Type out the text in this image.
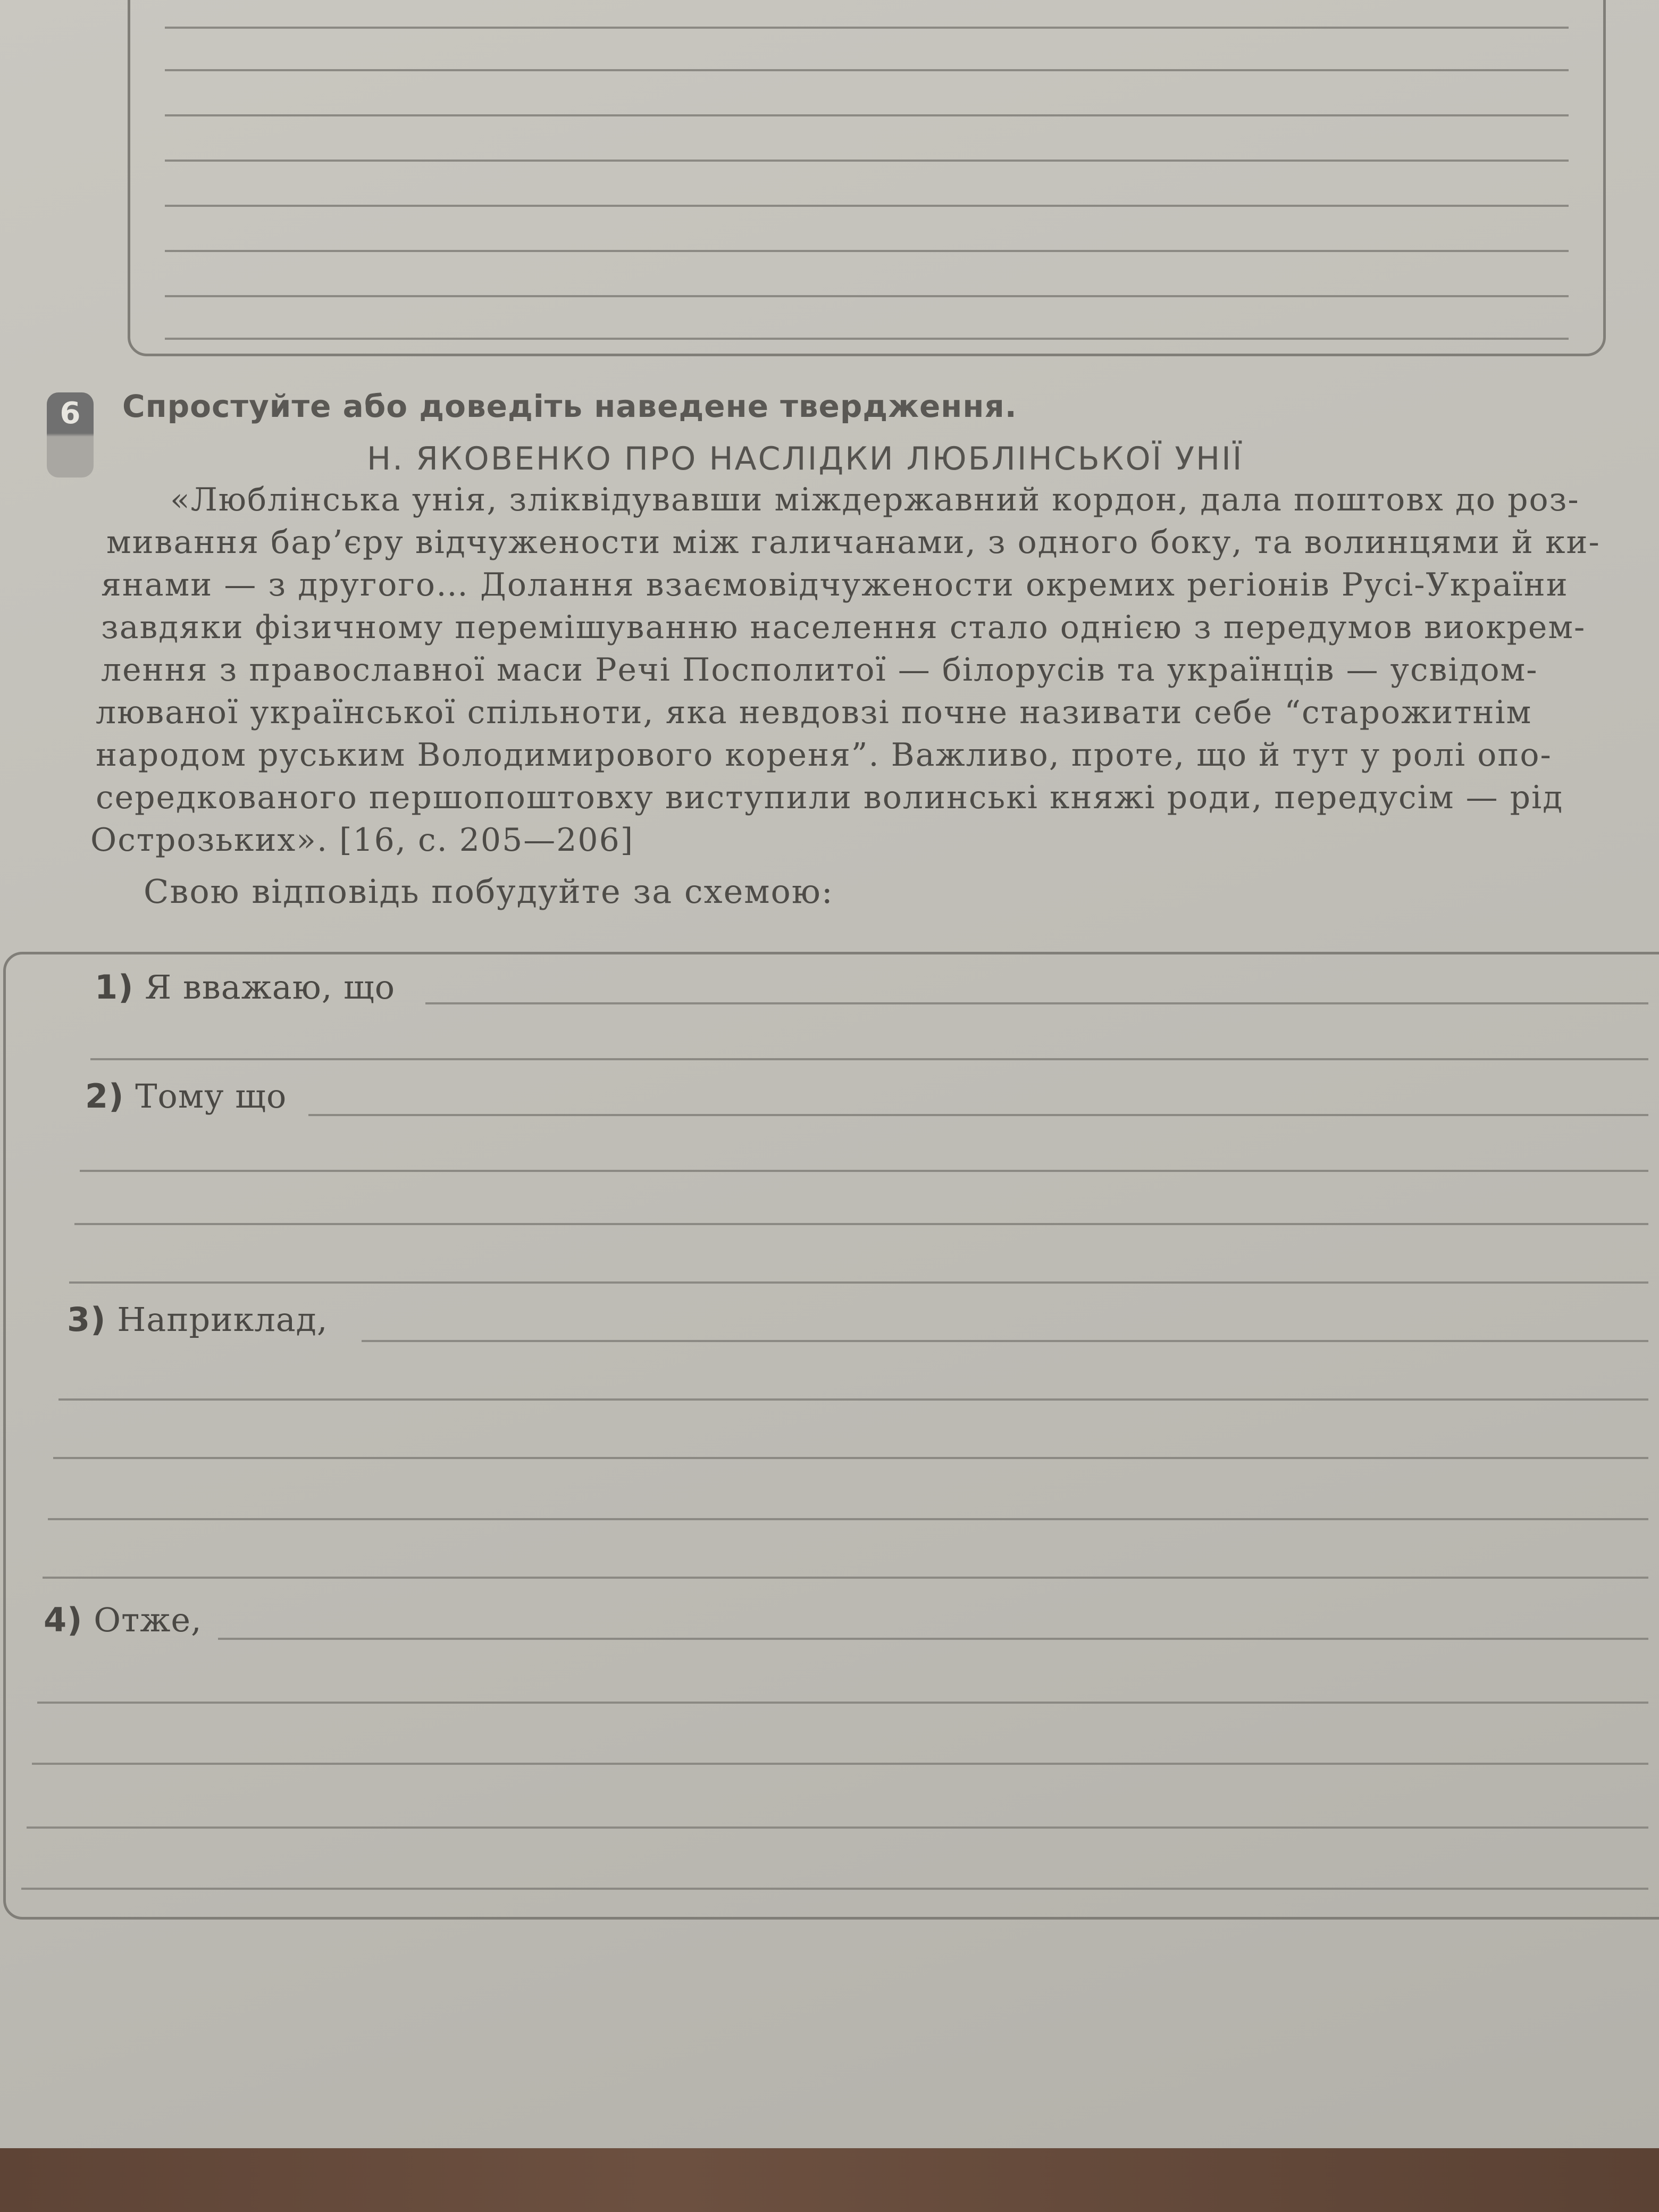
6	Спростуйте або доведіть наведене твердження.
Н. ЯКОВЕНКО ПРО НАСЛІДКИ ЛЮБЛІНСЬКОЇ УНІЇ
«Люблінська унія, зліквідувавши міждержавний кордон, дала поштовх до роз-
мивання бар’єру відчужености між галичанами, з одного боку, та волинцями й ки-
янами — з другого… Долання взаємовідчужености окремих регіонів Русі-України
завдяки фізичному перемішуванню населення стало однією з передумов виокрем-
лення з православної маси Речі Посполитої — білорусів та українців — усвідом-
люваної української спільноти, яка невдовзі почне називати себе “старожитнім
народом руським Володимирового кореня”. Важливо, проте, що й тут у ролі опо-
середкованого першопоштовху виступили волинські княжі роди, передусім — рід
Острозьких». [16, с. 205—206]
Свою відповідь побудуйте за схемою:
1) Я вважаю, що
2) Тому що
3) Наприклад,
4) Отже,
